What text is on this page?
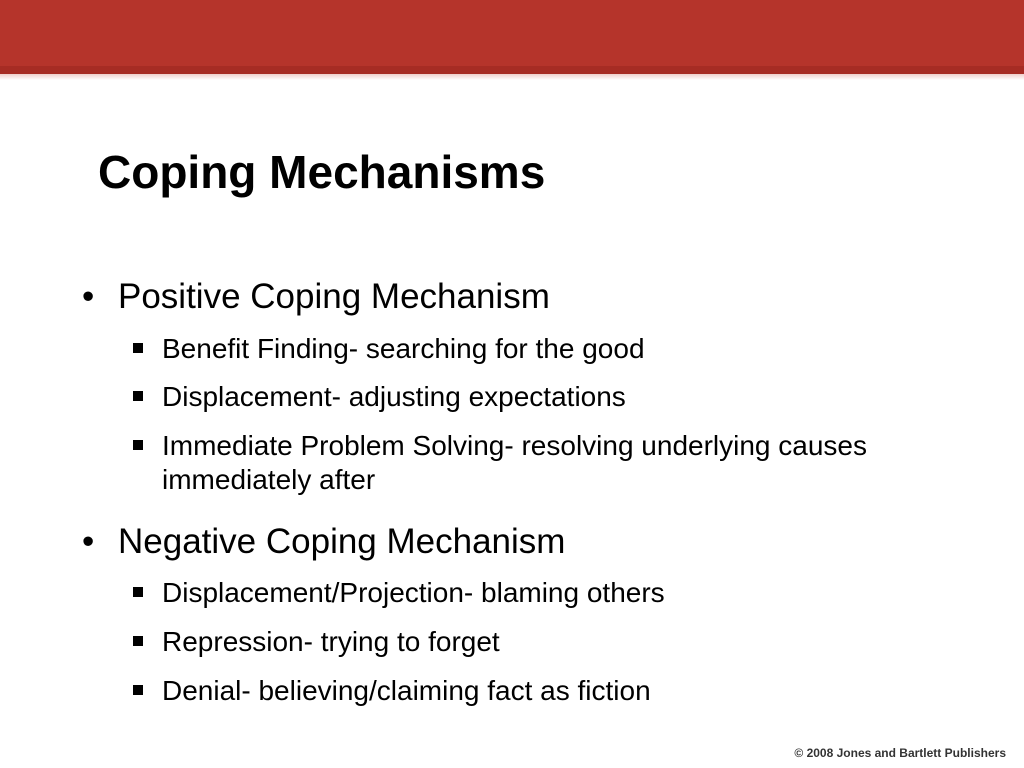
Coping Mechanisms
• Positive Coping Mechanism
Benefit Finding- searching for the good
Displacement- adjusting expectations
Immediate Problem Solving- resolving underlying causes immediately after
• Negative Coping Mechanism
Displacement/Projection- blaming others
Repression- trying to forget
Denial- believing/claiming fact as fiction
© 2008 Jones and Bartlett Publishers
